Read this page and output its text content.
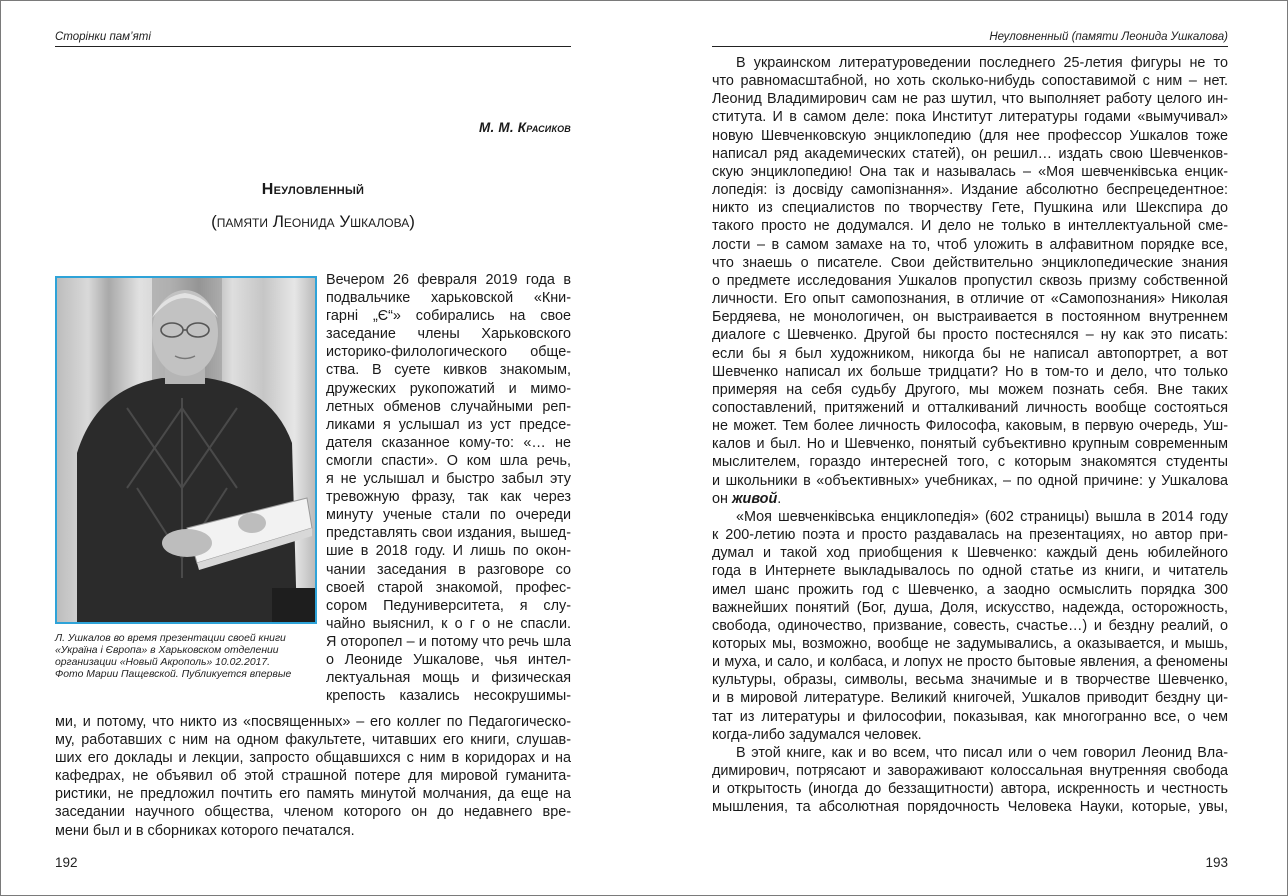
Сторінки пам’яті
М. М. Красиков
Неуловленный
(памяти Леонида Ушкалова)
Л. Ушкалов во время презентации своей книги
«Україна і Європа» в Харьковском отделении
организации «Новый Акрополь» 10.02.2017.
Фото Марии Пащевской. Публикуется впервые
Вечером 26 февраля 2019 года в
подвальчике харьковской «Кни-
гарні „Є“» собирались на свое
заседание члены Харьковского
историко-филологического обще-
ства. В суете кивков знакомым,
дружеских рукопожатий и мимо-
летных обменов случайными реп-
ликами я услышал из уст предсе-
дателя сказанное кому-то: «… не
смогли спасти». О ком шла речь,
я не услышал и быстро забыл эту
тревожную фразу, так как через
минуту ученые стали по очереди
представлять свои издания, вышед-
шие в 2018 году. И лишь по окон-
чании заседания в разговоре со
своей старой знакомой, профес-
сором Педуниверситета, я слу-
чайно выяснил, к о г о не спасли.
Я оторопел – и потому что речь шла
о Леониде Ушкалове, чья интел-
лектуальная мощь и физическая
крепость казались несокрушимы-
ми, и потому, что никто из «посвященных» – его коллег по Педагогическо-
му, работавших с ним на одном факультете, читавших его книги, слушав-
ших его доклады и лекции, запросто общавшихся с ним в коридорах и на
кафедрах, не объявил об этой страшной потере для мировой гуманита-
ристики, не предложил почтить его память минутой молчания, да еще на
заседании научного общества, членом которого он до недавнего вре-
мени был и в сборниках которого печатался.
192
Неуловненный (памяти Леонида Ушкалова)
В украинском литературоведении последнего 25-летия фигуры не то
что равномасштабной, но хоть сколько-нибудь сопоставимой с ним – нет.
Леонид Владимирович сам не раз шутил, что выполняет работу целого ин-
ститута. И в самом деле: пока Институт литературы годами «вымучивал»
новую Шевченковскую энциклопедию (для нее профессор Ушкалов тоже
написал ряд академических статей), он решил… издать свою Шевченков-
скую энциклопедию! Она так и называлась – «Моя шевченківська енцик-
лопедія: із досвіду самопізнання». Издание абсолютно беспрецедентное:
никто из специалистов по творчеству Гете, Пушкина или Шекспира до
такого просто не додумался. И дело не только в интеллектуальной сме-
лости – в самом замахе на то, чтоб уложить в алфавитном порядке все,
что знаешь о писателе. Свои действительно энциклопедические знания
о предмете исследования Ушкалов пропустил сквозь призму собственной
личности. Его опыт самопознания, в отличие от «Самопознания» Николая
Бердяева, не монологичен, он выстраивается в постоянном внутреннем
диалоге с Шевченко. Другой бы просто постеснялся – ну как это писать:
если бы я был художником, никогда бы не написал автопортрет, а вот
Шевченко написал их больше тридцати? Но в том-то и дело, что только
примеряя на себя судьбу Другого, мы можем познать себя. Вне таких
сопоставлений, притяжений и отталкиваний личность вообще состояться
не может. Тем более личность Философа, каковым, в первую очередь, Уш-
калов и был. Но и Шевченко, понятый субъективно крупным современным
мыслителем, гораздо интересней того, с которым знакомятся студенты
и школьники в «объективных» учебниках, – по одной причине: у Ушкалова
он живой.
«Моя шевченківська енциклопедія» (602 страницы) вышла в 2014 году
к 200-летию поэта и просто раздавалась на презентациях, но автор при-
думал и такой ход приобщения к Шевченко: каждый день юбилейного
года в Интернете выкладывалось по одной статье из книги, и читатель
имел шанс прожить год с Шевченко, а заодно осмыслить порядка 300
важнейших понятий (Бог, душа, Доля, искусство, надежда, осторожность,
свобода, одиночество, призвание, совесть, счастье…) и бездну реалий, о
которых мы, возможно, вообще не задумывались, а оказывается, и мышь,
и муха, и сало, и колбаса, и лопух не просто бытовые явления, а феномены
культуры, образы, символы, весьма значимые и в творчестве Шевченко,
и в мировой литературе. Великий книгочей, Ушкалов приводит бездну ци-
тат из литературы и философии, показывая, как многогранно все, о чем
когда-либо задумался человек.
В этой книге, как и во всем, что писал или о чем говорил Леонид Вла-
димирович, потрясают и завораживают колоссальная внутренняя свобода
и открытость (иногда до беззащитности) автора, искренность и честность
мышления, та абсолютная порядочность Человека Науки, которые, увы,
193
